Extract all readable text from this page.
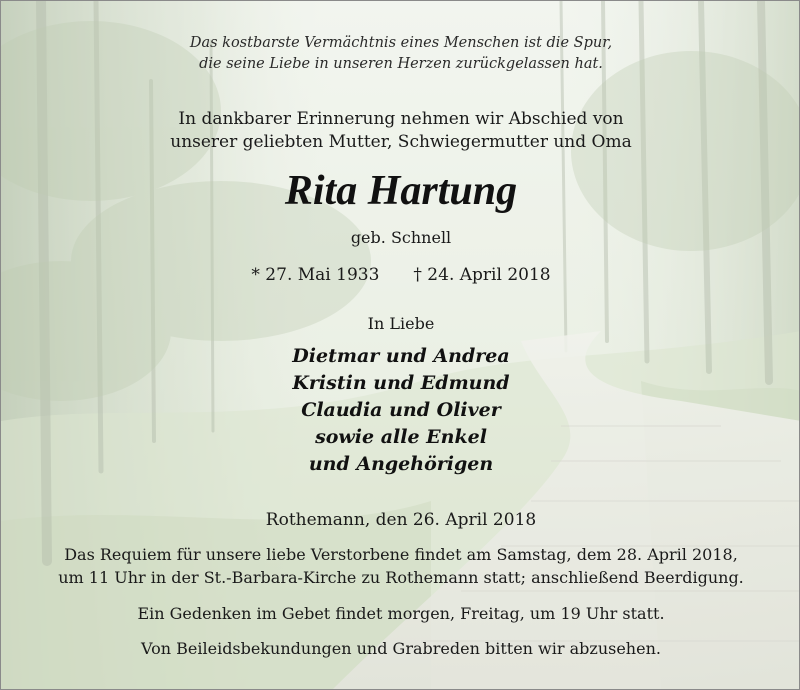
Das kostbarste Vermächtnis eines Menschen ist die Spur,
die seine Liebe in unseren Herzen zurückgelassen hat.
In dankbarer Erinnerung nehmen wir Abschied von
unserer geliebten Mutter, Schwiegermutter und Oma
Rita Hartung
geb. Schnell
* 27. Mai 1933 † 24. April 2018
In Liebe
Dietmar und Andrea
Kristin und Edmund
Claudia und Oliver
sowie alle Enkel
und Angehörigen
Rothemann, den 26. April 2018
Das Requiem für unsere liebe Verstorbene findet am Samstag, dem 28. April 2018,
um 11 Uhr in der St.-Barbara-Kirche zu Rothemann statt; anschließend Beerdigung.
Ein Gedenken im Gebet findet morgen, Freitag, um 19 Uhr statt.
Von Beileidsbekundungen und Grabreden bitten wir abzusehen.
